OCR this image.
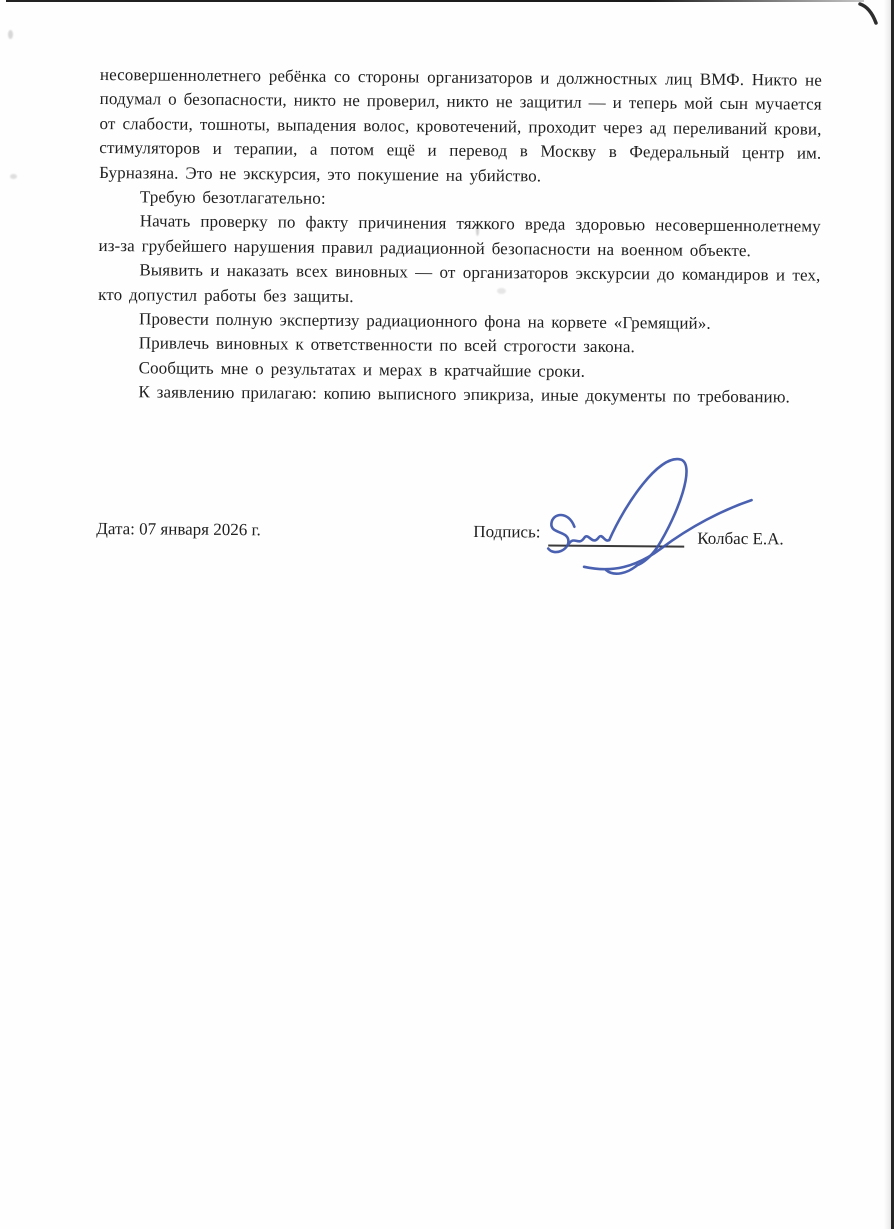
несовершеннолетнего ребёнка со стороны организаторов и должностных лиц ВМФ. Никто не подумал о безопасности, никто не проверил, никто не защитил — и теперь мой сын мучается от слабости, тошноты, выпадения волос, кровотечений, проходит через ад переливаний крови, стимуляторов и терапии, а потом ещё и перевод в Москву в Федеральный центр им. Бурназяна. Это не экскурсия, это покушение на убийство.

Требую безотлагательно:

Начать проверку по факту причинения тяжкого вреда здоровью несовершеннолетнему из-за грубейшего нарушения правил радиационной безопасности на военном объекте.

Выявить и наказать всех виновных — от организаторов экскурсии до командиров и тех, кто допустил работы без защиты.

Провести полную экспертизу радиационного фона на корвете «Гремящий».

Привлечь виновных к ответственности по всей строгости закона.

Сообщить мне о результатах и мерах в кратчайшие сроки.

К заявлению прилагаю: копию выписного эпикриза, иные документы по требованию.

Дата: 07 января 2026 г.	Подпись:	Колбас Е.А.
